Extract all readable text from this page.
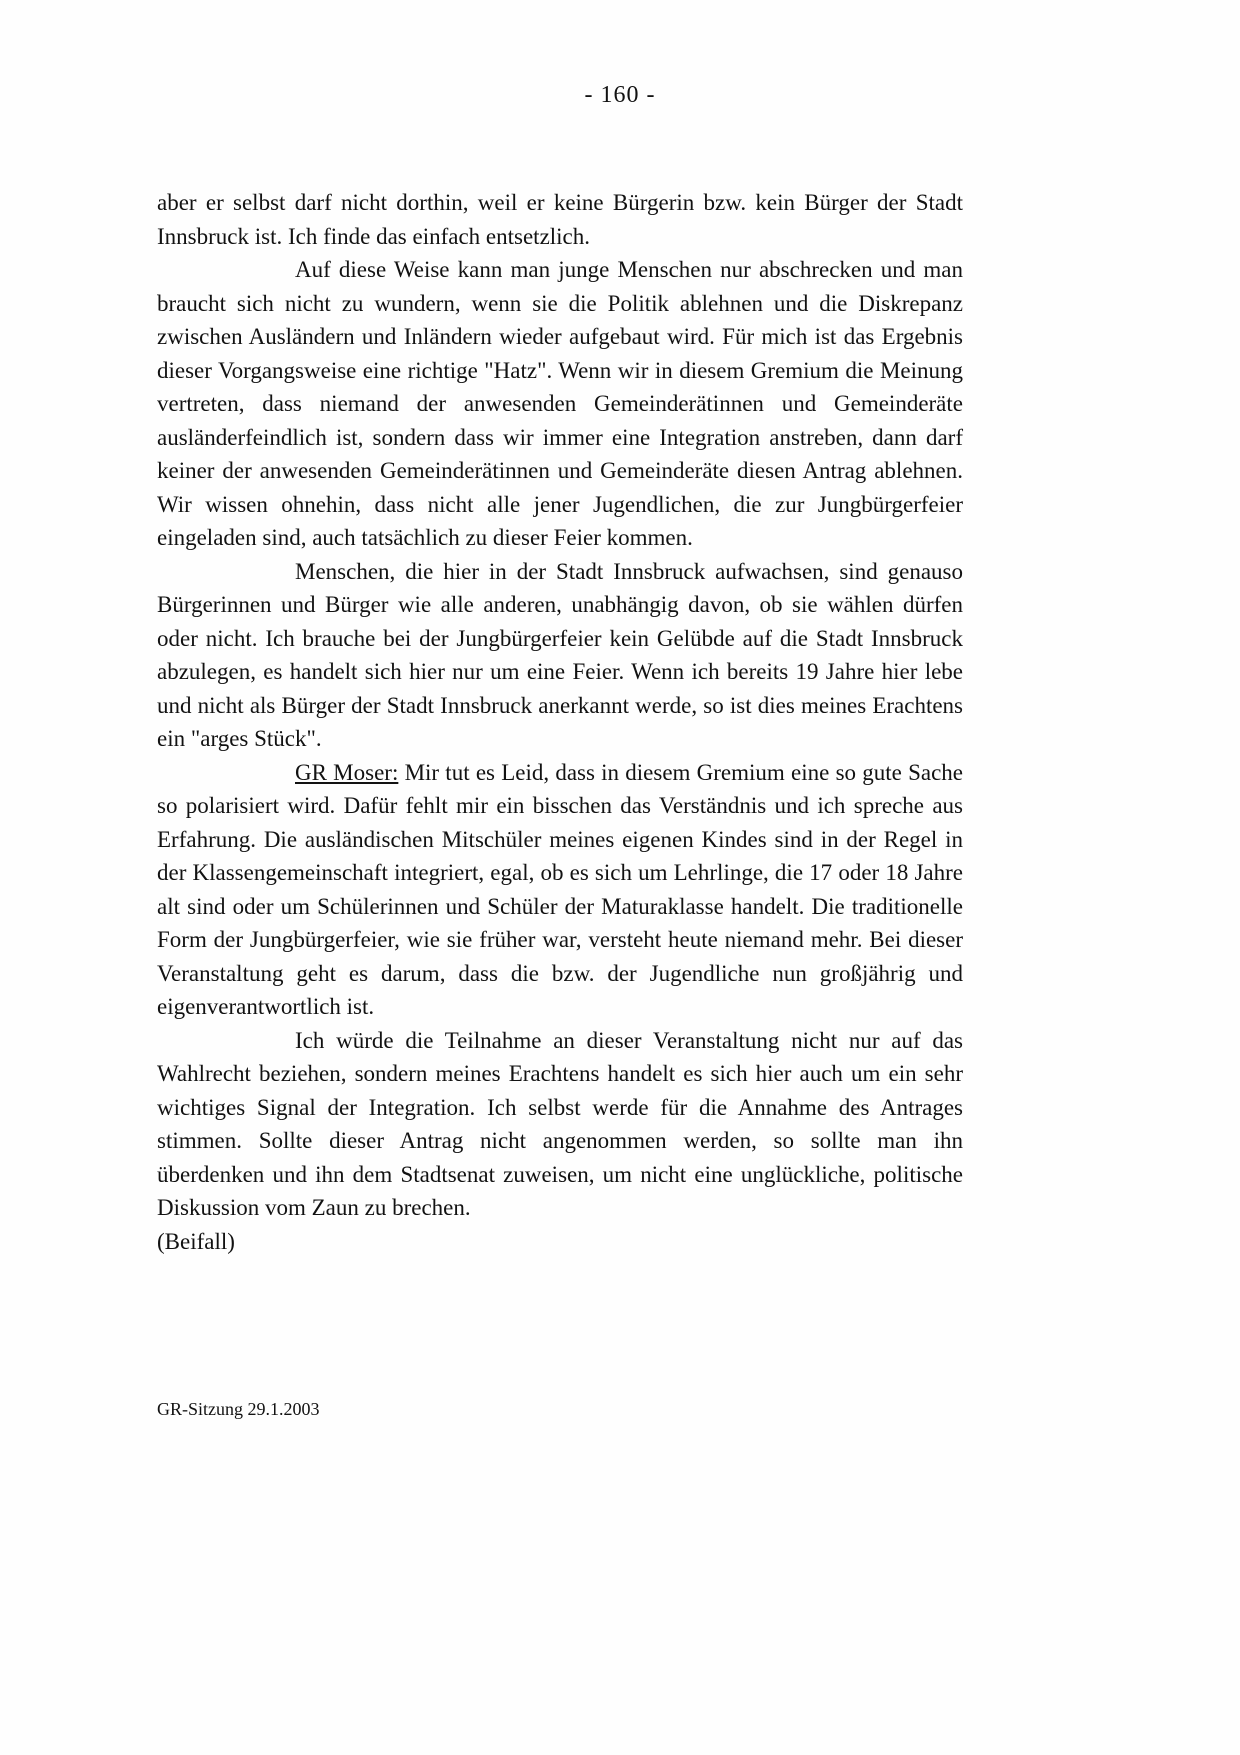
- 160 -

aber er selbst darf nicht dorthin, weil er keine Bürgerin bzw. kein Bürger der Stadt Innsbruck ist. Ich finde das einfach entsetzlich.

Auf diese Weise kann man junge Menschen nur abschrecken und man braucht sich nicht zu wundern, wenn sie die Politik ablehnen und die Diskrepanz zwischen Ausländern und Inländern wieder aufgebaut wird. Für mich ist das Ergebnis dieser Vorgangsweise eine richtige "Hatz". Wenn wir in diesem Gremium die Meinung vertreten, dass niemand der anwesenden Gemeinderätinnen und Gemeinderäte ausländerfeindlich ist, sondern dass wir immer eine Integration anstreben, dann darf keiner der anwesenden Gemeinderätinnen und Gemeinderäte diesen Antrag ablehnen. Wir wissen ohnehin, dass nicht alle jener Jugendlichen, die zur Jungbürgerfeier eingeladen sind, auch tatsächlich zu dieser Feier kommen.

Menschen, die hier in der Stadt Innsbruck aufwachsen, sind genauso Bürgerinnen und Bürger wie alle anderen, unabhängig davon, ob sie wählen dürfen oder nicht. Ich brauche bei der Jungbürgerfeier kein Gelübde auf die Stadt Innsbruck abzulegen, es handelt sich hier nur um eine Feier. Wenn ich bereits 19 Jahre hier lebe und nicht als Bürger der Stadt Innsbruck anerkannt werde, so ist dies meines Erachtens ein "arges Stück".

GR Moser: Mir tut es Leid, dass in diesem Gremium eine so gute Sache so polarisiert wird. Dafür fehlt mir ein bisschen das Verständnis und ich spreche aus Erfahrung. Die ausländischen Mitschüler meines eigenen Kindes sind in der Regel in der Klassengemeinschaft integriert, egal, ob es sich um Lehrlinge, die 17 oder 18 Jahre alt sind oder um Schülerinnen und Schüler der Maturaklasse handelt. Die traditionelle Form der Jungbürgerfeier, wie sie früher war, versteht heute niemand mehr. Bei dieser Veranstaltung geht es darum, dass die bzw. der Jugendliche nun großjährig und eigenverantwortlich ist.

Ich würde die Teilnahme an dieser Veranstaltung nicht nur auf das Wahlrecht beziehen, sondern meines Erachtens handelt es sich hier auch um ein sehr wichtiges Signal der Integration. Ich selbst werde für die Annahme des Antrages stimmen. Sollte dieser Antrag nicht angenommen werden, so sollte man ihn überdenken und ihn dem Stadtsenat zuweisen, um nicht eine unglückliche, politische Diskussion vom Zaun zu brechen.

(Beifall)

GR-Sitzung 29.1.2003
